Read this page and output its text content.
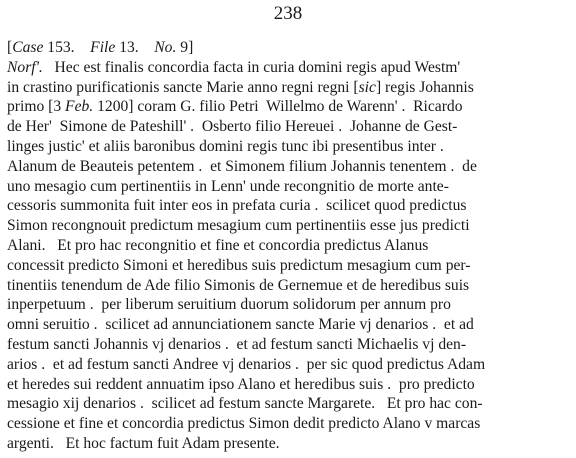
238
[Case 153.    File 13.    No. 9]
Norf'.   Hec est finalis concordia facta in curia domini regis apud Westm'
in crastino purificationis sancte Marie anno regni regni [sic] regis Johannis
primo [3 Feb. 1200] coram G. filio Petri  Willelmo de Warenn' .  Ricardo
de Her'  Simone de Pateshill' .  Osberto filio Hereuei .  Johanne de Gest-
linges justic' et aliis baronibus domini regis tunc ibi presentibus inter .
Alanum de Beauteis petentem .  et Simonem filium Johannis tenentem .  de
uno mesagio cum pertinentiis in Lenn' unde recongnitio de morte ante-
cessoris summonita fuit inter eos in prefata curia .  scilicet quod predictus
Simon recongnouit predictum mesagium cum pertinentiis esse jus predicti
Alani.   Et pro hac recongnitio et fine et concordia predictus Alanus
concessit predicto Simoni et heredibus suis predictum mesagium cum per-
tinentiis tenendum de Ade filio Simonis de Gernemue et de heredibus suis
inperpetuum .  per liberum seruitium duorum solidorum per annum pro
omni seruitio .  scilicet ad annunciationem sancte Marie vj denarios .  et ad
festum sancti Johannis vj denarios .  et ad festum sancti Michaelis vj den-
arios .  et ad festum sancti Andree vj denarios .  per sic quod predictus Adam
et heredes sui reddent annuatim ipso Alano et heredibus suis .  pro predicto
mesagio xij denarios .  scilicet ad festum sancte Margarete.   Et pro hac con-
cessione et fine et concordia predictus Simon dedit predicto Alano v marcas
argenti.   Et hoc factum fuit Adam presente.
